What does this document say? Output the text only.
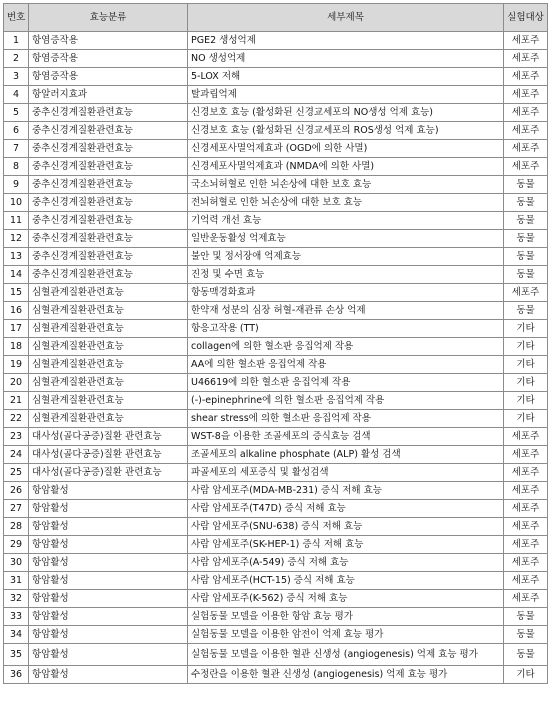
번호	효능분류	세부제목	실험대상
1	항염증작용	PGE2 생성억제	세포주
2	항염증작용	NO 생성억제	세포주
3	항염증작용	5-LOX 저해	세포주
4	항알러지효과	탈과립억제	세포주
5	중추신경계질환관련효능	신경보호 효능 (활성화된 신경교세포의 NO생성 억제 효능)	세포주
6	중추신경계질환관련효능	신경보호 효능 (활성화된 신경교세포의 ROS생성 억제 효능)	세포주
7	중추신경계질환관련효능	신경세포사멸억제효과 (OGD에 의한 사멸)	세포주
8	중추신경계질환관련효능	신경세포사멸억제효과 (NMDA에 의한 사멸)	세포주
9	중추신경계질환관련효능	국소뇌허혈로 인한 뇌손상에 대한 보호 효능	동물
10	중추신경계질환관련효능	전뇌허혈로 인한 뇌손상에 대한 보호 효능	동물
11	중추신경계질환관련효능	기억력 개선 효능	동물
12	중추신경계질환관련효능	일반운동활성 억제효능	동물
13	중추신경계질환관련효능	불안 및 정서장애 억제효능	동물
14	중추신경계질환관련효능	진정 및 수면 효능	동물
15	심혈관계질환관련효능	항동맥경화효과	세포주
16	심혈관계질환관련효능	한약재 성분의 심장 허혈-재관류 손상 억제	동물
17	심혈관계질환관련효능	항응고작용 (TT)	기타
18	심혈관계질환관련효능	collagen에 의한 혈소판 응집억제 작용	기타
19	심혈관계질환관련효능	AA에 의한 혈소판 응집억제 작용	기타
20	심혈관계질환관련효능	U46619에 의한 혈소판 응집억제 작용	기타
21	심혈관계질환관련효능	(-)-epinephrine에 의한 혈소판 응집억제 작용	기타
22	심혈관계질환관련효능	shear stress에 의한 혈소판 응집억제 작용	기타
23	대사성(골다공증)질환 관련효능	WST-8을 이용한 조골세포의 증식효능 검색	세포주
24	대사성(골다공증)질환 관련효능	조골세포의 alkaline phosphate (ALP) 활성 검색	세포주
25	대사성(골다공증)질환 관련효능	파골세포의 세포증식 및 활성검색	세포주
26	항암활성	사람 암세포주(MDA-MB-231) 증식 저해 효능	세포주
27	항암활성	사람 암세포주(T47D) 증식 저해 효능	세포주
28	항암활성	사람 암세포주(SNU-638) 증식 저해 효능	세포주
29	항암활성	사람 암세포주(SK-HEP-1) 증식 저해 효능	세포주
30	항암활성	사람 암세포주(A-549) 증식 저해 효능	세포주
31	항암활성	사람 암세포주(HCT-15) 증식 저해 효능	세포주
32	항암활성	사람 암세포주(K-562) 증식 저해 효능	세포주
33	항암활성	실험동물 모델을 이용한 항암 효능 평가	동물
34	항암활성	실험동물 모델을 이용한 암전이 억제 효능 평가	동물
35	항암활성	실험동물 모델을 이용한 혈관 신생성 (angiogenesis) 억제 효능 평가	동물
36	항암활성	수정란을 이용한 혈관 신생성 (angiogenesis) 억제 효능 평가	기타
